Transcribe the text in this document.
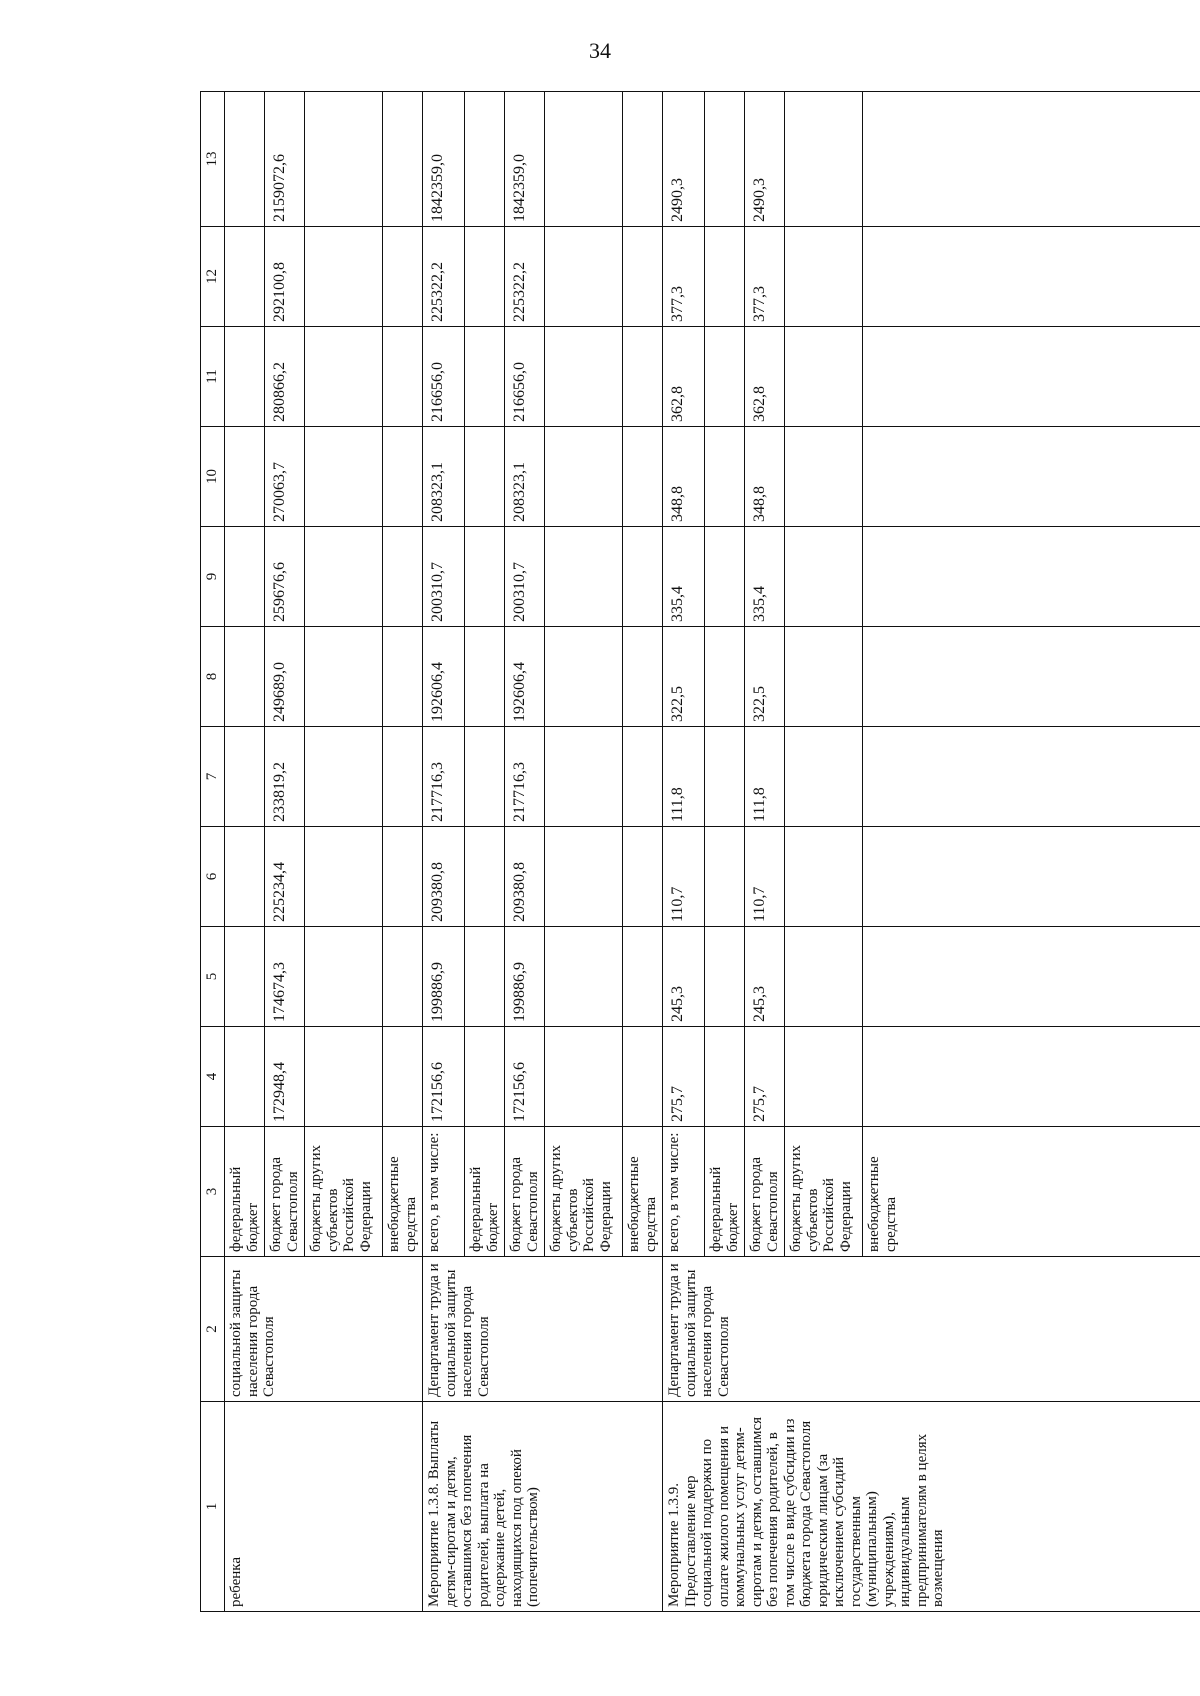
34
1	2	3	4	5	6	7	8	9	10	11	12	13
ребенка	социальной защиты населения города Севастополя	федеральный бюджет										
		бюджет города Севастополя	172948,4	174674,3	225234,4	233819,2	249689,0	259676,6	270063,7	280866,2	292100,8	2159072,6
		бюджеты других субъектов Российской Федерации										
		внебюджетные средства										
Мероприятие 1.3.8. Выплаты детям-сиротам и детям, оставшимся без попечения родителей, выплата на содержание детей, находящихся под опекой (попечительством)	Департамент труда и социальной защиты населения города Севастополя	всего, в том числе:	172156,6	199886,9	209380,8	217716,3	192606,4	200310,7	208323,1	216656,0	225322,2	1842359,0
		федеральный бюджет										
		бюджет города Севастополя	172156,6	199886,9	209380,8	217716,3	192606,4	200310,7	208323,1	216656,0	225322,2	1842359,0
		бюджеты других субъектов Российской Федерации										
		внебюджетные средства										
Мероприятие 1.3.9. Предоставление мер социальной поддержки по оплате жилого помещения и коммунальных услуг детям-сиротам и детям, оставшимся без попечения родителей, в том числе в виде субсидии из бюджета города Севастополя юридическим лицам (за исключением субсидий государственным (муниципальным) учреждениям), индивидуальным предпринимателям в целях возмещения	Департамент труда и социальной защиты населения города Севастополя	всего, в том числе:	275,7	245,3	110,7	111,8	322,5	335,4	348,8	362,8	377,3	2490,3
		федеральный бюджет										
		бюджет города Севастополя	275,7	245,3	110,7	111,8	322,5	335,4	348,8	362,8	377,3	2490,3
		бюджеты других субъектов Российской Федерации										
		внебюджетные средства										
